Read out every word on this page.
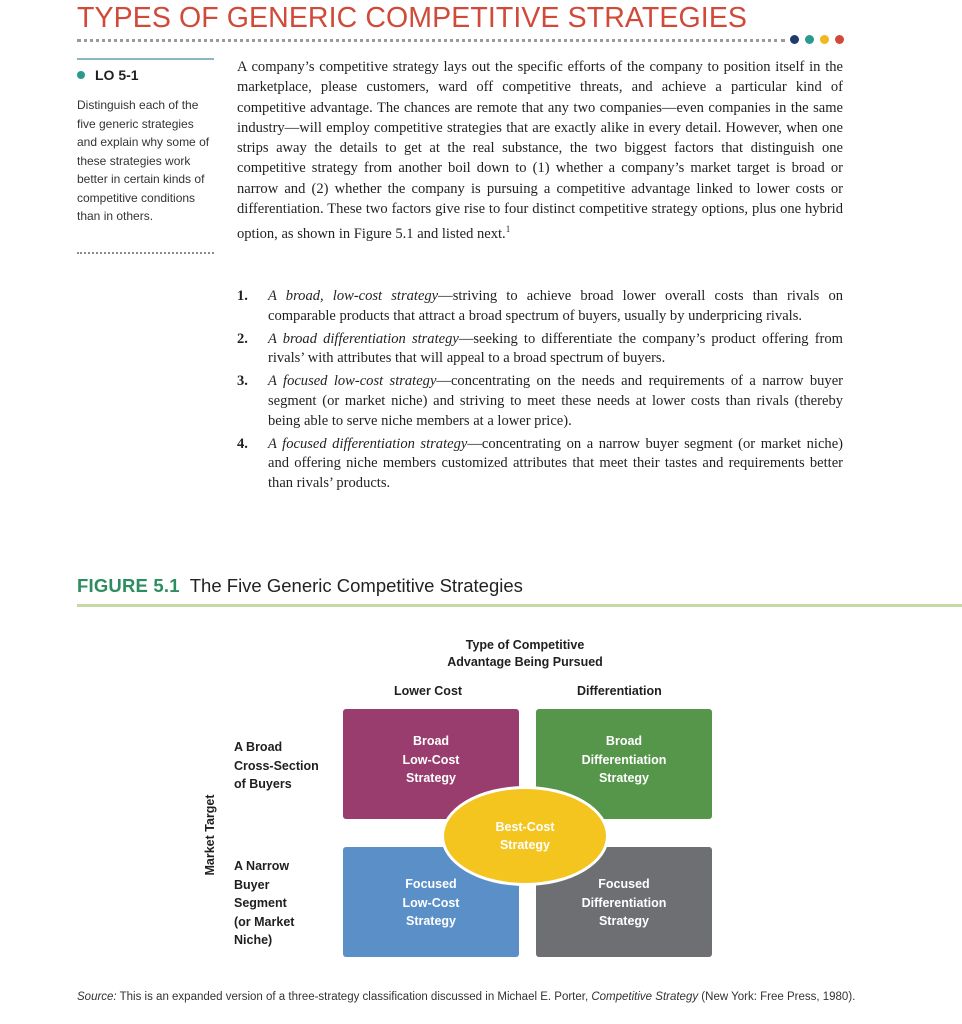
TYPES OF GENERIC COMPETITIVE STRATEGIES
LO 5-1
Distinguish each of the five generic strategies and explain why some of these strategies work better in certain kinds of competitive conditions than in others.

A company’s competitive strategy lays out the specific efforts of the company to position itself in the marketplace, please customers, ward off competitive threats, and achieve a particular kind of competitive advantage. The chances are remote that any two companies—even companies in the same industry—will employ competitive strategies that are exactly alike in every detail. However, when one strips away the details to get at the real substance, the two biggest factors that distinguish one competitive strategy from another boil down to (1) whether a company’s market target is broad or narrow and (2) whether the company is pursuing a competitive advantage linked to lower costs or differentiation. These two factors give rise to four distinct competitive strategy options, plus one hybrid option, as shown in Figure 5.1 and listed next.$^1$

1. A broad, low-cost strategy—striving to achieve broad lower overall costs than rivals on comparable products that attract a broad spectrum of buyers, usually by underpricing rivals.
2. A broad differentiation strategy—seeking to differentiate the company’s product offering from rivals’ with attributes that will appeal to a broad spectrum of buyers.
3. A focused low-cost strategy—concentrating on the needs and requirements of a narrow buyer segment (or market niche) and striving to meet these needs at lower costs than rivals (thereby being able to serve niche members at a lower price).
4. A focused differentiation strategy—concentrating on a narrow buyer segment (or market niche) and offering niche members customized attributes that meet their tastes and requirements better than rivals’ products.
FIGURE 5.1 The Five Generic Competitive Strategies
Type of Competitive
Advantage Being Pursued
Lower Cost	Differentiation
Market Target
A Broad
Cross-Section
of Buyers
A Narrow
Buyer
Segment
(or Market
Niche)
Broad
Low-Cost
Strategy
Broad
Differentiation
Strategy
Focused
Low-Cost
Strategy
Focused
Differentiation
Strategy
Best-Cost
Strategy
Source: This is an expanded version of a three-strategy classification discussed in Michael E. Porter, Competitive Strategy (New York: Free Press, 1980).
